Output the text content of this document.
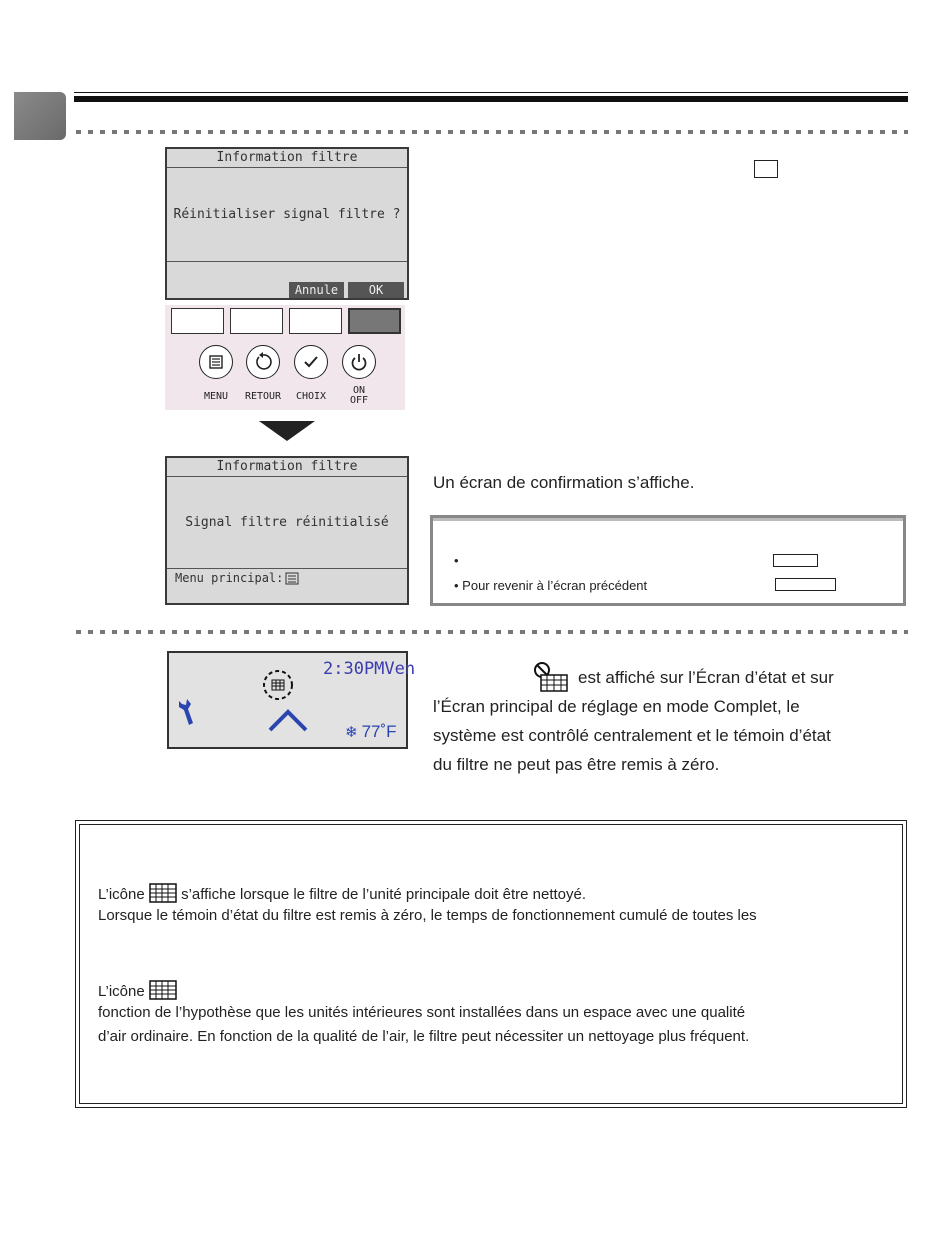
Information filtre
Réinitialiser signal filtre ?
Annule	OK
MENU	RETOUR	CHOIX
ON
OFF
Information filtre
Signal filtre réinitialisé
Menu principal:
Un écran de confirmation s’affiche.
•
• Pour revenir à l’écran précédent
2:30PMVen
❄ 77˚F
est affiché sur l’Écran d’état et sur
l’Écran principal de réglage en mode Complet, le
système est contrôlé centralement et le témoin d’état
du filtre ne peut pas être remis à zéro.
L’icône s’affiche lorsque le filtre de l’unité principale doit être nettoyé.
Lorsque le témoin d’état du filtre est remis à zéro, le temps de fonctionnement cumulé de toutes les
L’icône
fonction de l’hypothèse que les unités intérieures sont installées dans un espace avec une qualité
d’air ordinaire. En fonction de la qualité de l’air, le filtre peut nécessiter un nettoyage plus fréquent.
